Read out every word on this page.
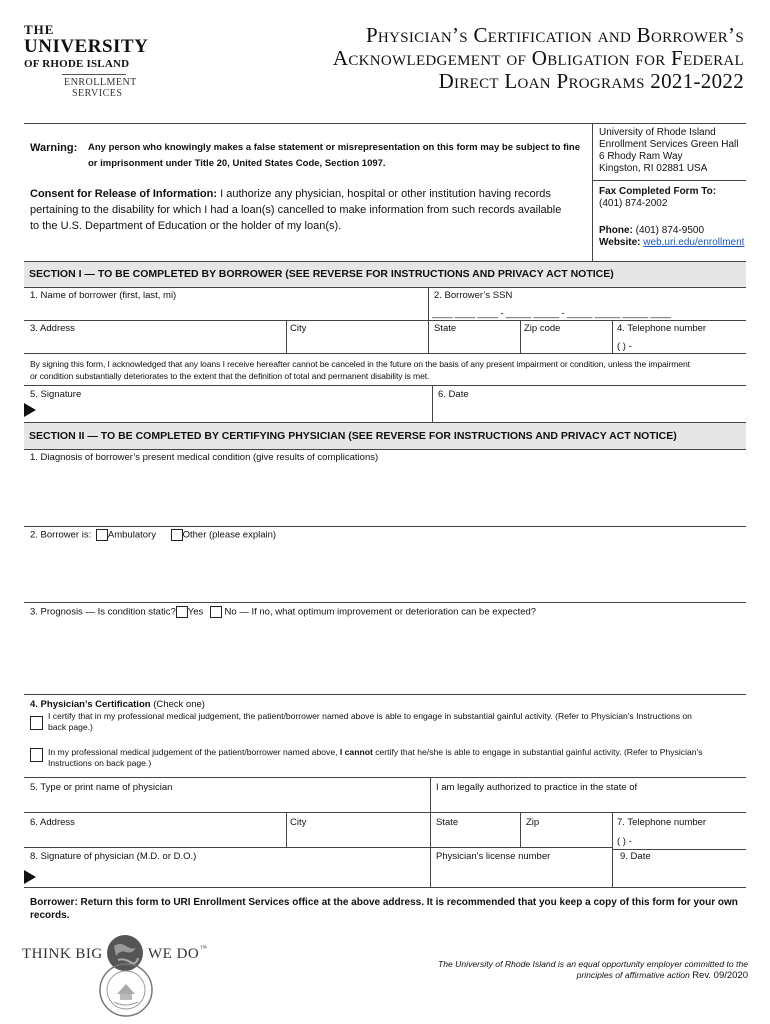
THE
UNIVERSITY
OF RHODE ISLAND
ENROLLMENT
SERVICES
Physician’s Certification and Borrower’s
Acknowledgement of Obligation for Federal
Direct Loan Programs 2021-2022
Warning: Any person who knowingly makes a false statement or misrepresentation on this form may be subject to fine
or imprisonment under Title 20, United States Code, Section 1097.
Consent for Release of Information: I authorize any physician, hospital or other institution having records
pertaining to the disability for which I had a loan(s) cancelled to make information from such records available
to the U.S. Department of Education or the holder of my loan(s).
University of Rhode Island
Enrollment Services Green Hall
6 Rhody Ram Way
Kingston, RI 02881 USA
Fax Completed Form To:
(401) 874-2002
Phone: (401) 874-9500
Website: web.uri.edu/enrollment
SECTION I — TO BE COMPLETED BY BORROWER (SEE REVERSE FOR INSTRUCTIONS AND PRIVACY ACT NOTICE)
1. Name of borrower (first, last, mi)	2. Borrower’s SSN
____ ____ ____ - _____ _____ - _____ _____ _____ ____
3. Address	City	State	Zip code	4. Telephone number
( ) -
By signing this form, I acknowledged that any loans I receive hereafter cannot be canceled in the future on the basis of any present impairment or condition, unless the impairment
or condition substantially deteriorates to the extent that the definition of total and permanent disability is met.
5. Signature	6. Date
SECTION II — TO BE COMPLETED BY CERTIFYING PHYSICIAN (SEE REVERSE FOR INSTRUCTIONS AND PRIVACY ACT NOTICE)
1. Diagnosis of borrower’s present medical condition (give results of complications)
2. Borrower is: Ambulatory	Other (please explain)
3. Prognosis — Is condition static? Yes No — If no, what optimum improvement or deterioration can be expected?
4. Physician’s Certification (Check one)
I certify that in my professional medical judgement, the patient/borrower named above is able to engage in substantial gainful activity. (Refer to Physician's Instructions on
back page.)
In my professional medical judgement of the patient/borrower named above, I cannot certify that he/she is able to engage in substantial gainful activity. (Refer to Physician's
Instructions on back page.)
5. Type or print name of physician	I am legally authorized to practice in the state of
6. Address	City	State	Zip	7. Telephone number
( ) -
8. Signature of physician (M.D. or D.O.)	Physician's license number	9. Date
Borrower: Return this form to URI Enrollment Services office at the above address. It is recommended that you keep a copy of this form for your own
records.
THINK BIG	WE DO ™
The University of Rhode Island is an equal opportunity employer committed to the
principles of affirmative action Rev. 09/2020
